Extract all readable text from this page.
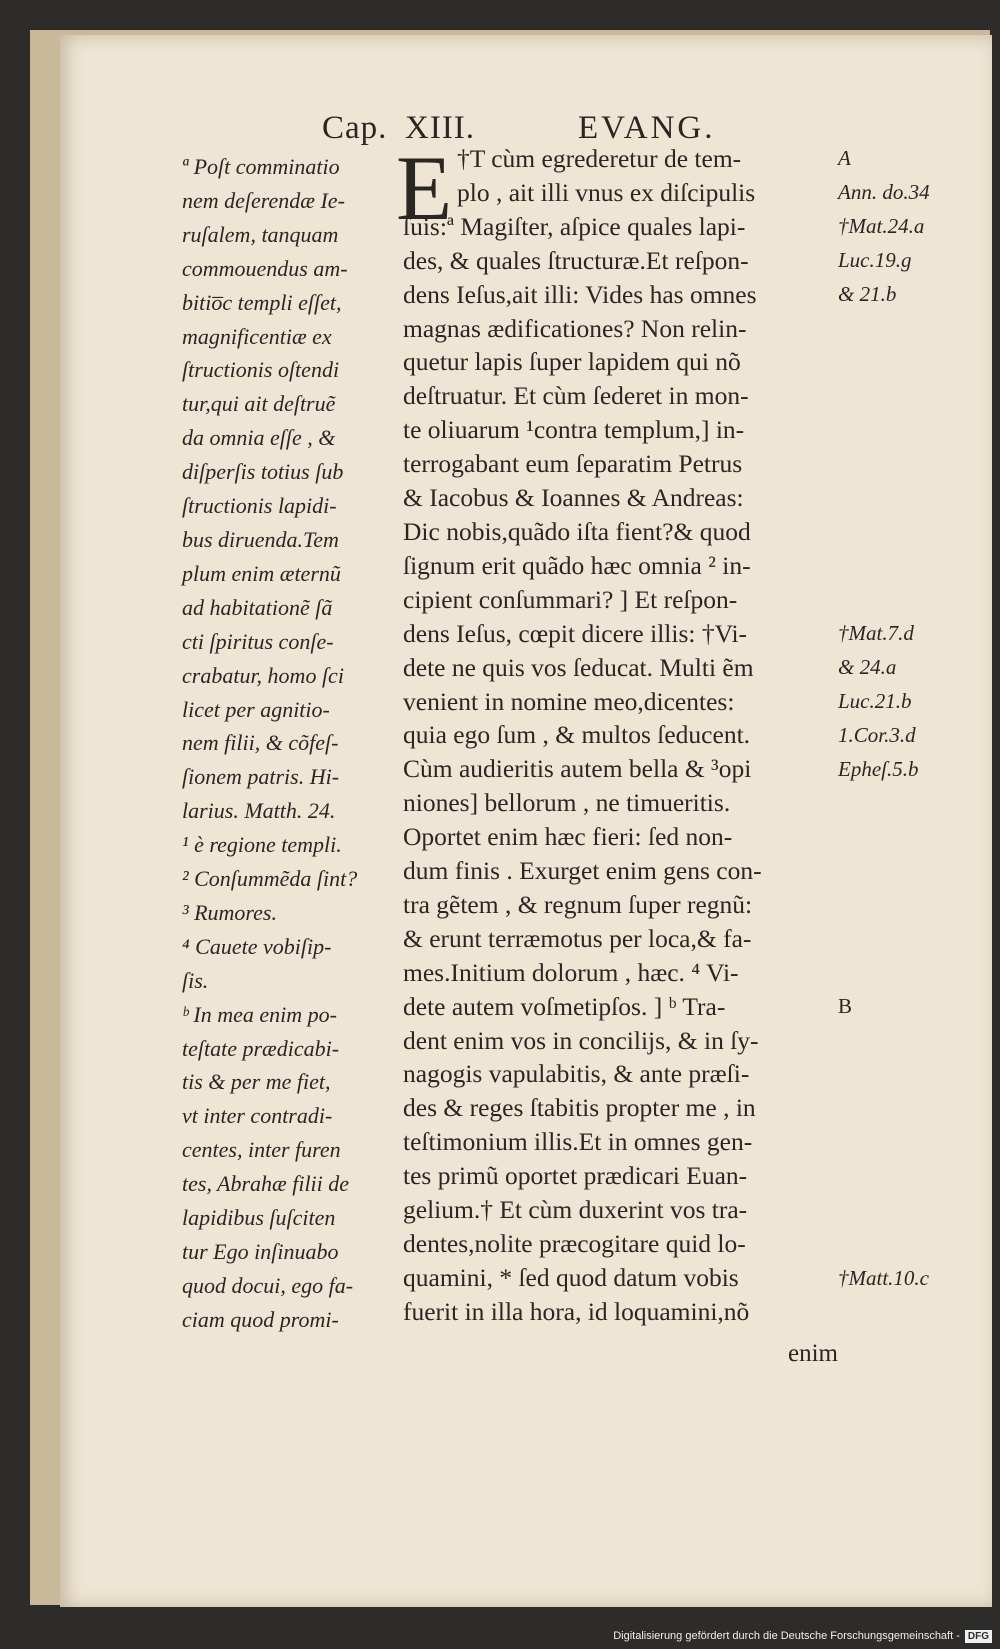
Cap. XIII.	EVANG.
ª Poſt comminatio
nem deſerendæ Ie-
ruſalem, tanquam
commouendus am-
bitio̅c templi eſſet,
magnificentiæ ex
ſtructionis oſtendi
tur,qui ait deſtruẽ
da omnia eſſe , &
diſperſis totius ſub
ſtructionis lapidi-
bus diruenda.Tem
plum enim æternũ
ad habitationẽ ſã
cti ſpiritus conſe-
crabatur, homo ſci
licet per agnitio-
nem filii, & cõfeſ-
ſionem patris. Hi-
larius. Matth. 24.
¹ è regione templi.
² Conſummẽda ſint?
³ Rumores.
⁴ Cauete vobiſip-
ſis.
ᵇ In mea enim po-
teſtate prædicabi-
tis & per me fiet,
vt inter contradi-
centes, inter furen
tes, Abrahæ filii de
lapidibus ſuſciten
tur Ego inſinuabo
quod docui, ego fa-
ciam quod promi-
E †T cùm egrederetur de tem-
plo , ait illi vnus ex diſcipulis
ſuis:ª Magiſter, aſpice quales lapi-
des, & quales ſtructuræ.Et reſpon-
dens Ieſus,ait illi: Vides has omnes
magnas ædificationes? Non relin-
quetur lapis ſuper lapidem qui nõ
deſtruatur. Et cùm ſederet in mon-
te oliuarum ¹contra templum,] in-
terrogabant eum ſeparatim Petrus
& Iacobus & Ioannes & Andreas:
Dic nobis,quãdo iſta fient?& quod
ſignum erit quãdo hæc omnia ² in-
cipient conſummari? ] Et reſpon-
dens Ieſus, cœpit dicere illis: †Vi-
dete ne quis vos ſeducat. Multi ẽm
venient in nomine meo,dicentes:
quia ego ſum , & multos ſeducent.
Cùm audieritis autem bella & ³opi
niones] bellorum , ne timueritis.
Oportet enim hæc fieri: ſed non-
dum finis . Exurget enim gens con-
tra gẽtem , & regnum ſuper regnũ:
& erunt terræmotus per loca,& fa-
mes.Initium dolorum , hæc. ⁴ Vi-
dete autem voſmetipſos. ] ᵇ Tra-
dent enim vos in concilijs, & in ſy-
nagogis vapulabitis, & ante præſi-
des & reges ſtabitis propter me , in
teſtimonium illis.Et in omnes gen-
tes primũ oportet prædicari Euan-
gelium.† Et cùm duxerint vos tra-
dentes,nolite præcogitare quid lo-
quamini, * ſed quod datum vobis
fuerit in illa hora, id loquamini,nõ
enim
A
Ann. do.34
†Mat.24.a
Luc.19.g
& 21.b
†Mat.7.d
& 24.a
Luc.21.b
1.Cor.3.d
Epheſ.5.b
B
†Matt.10.c
Digitalisierung gefördert durch die Deutsche Forschungsgemeinschaft - DFG
